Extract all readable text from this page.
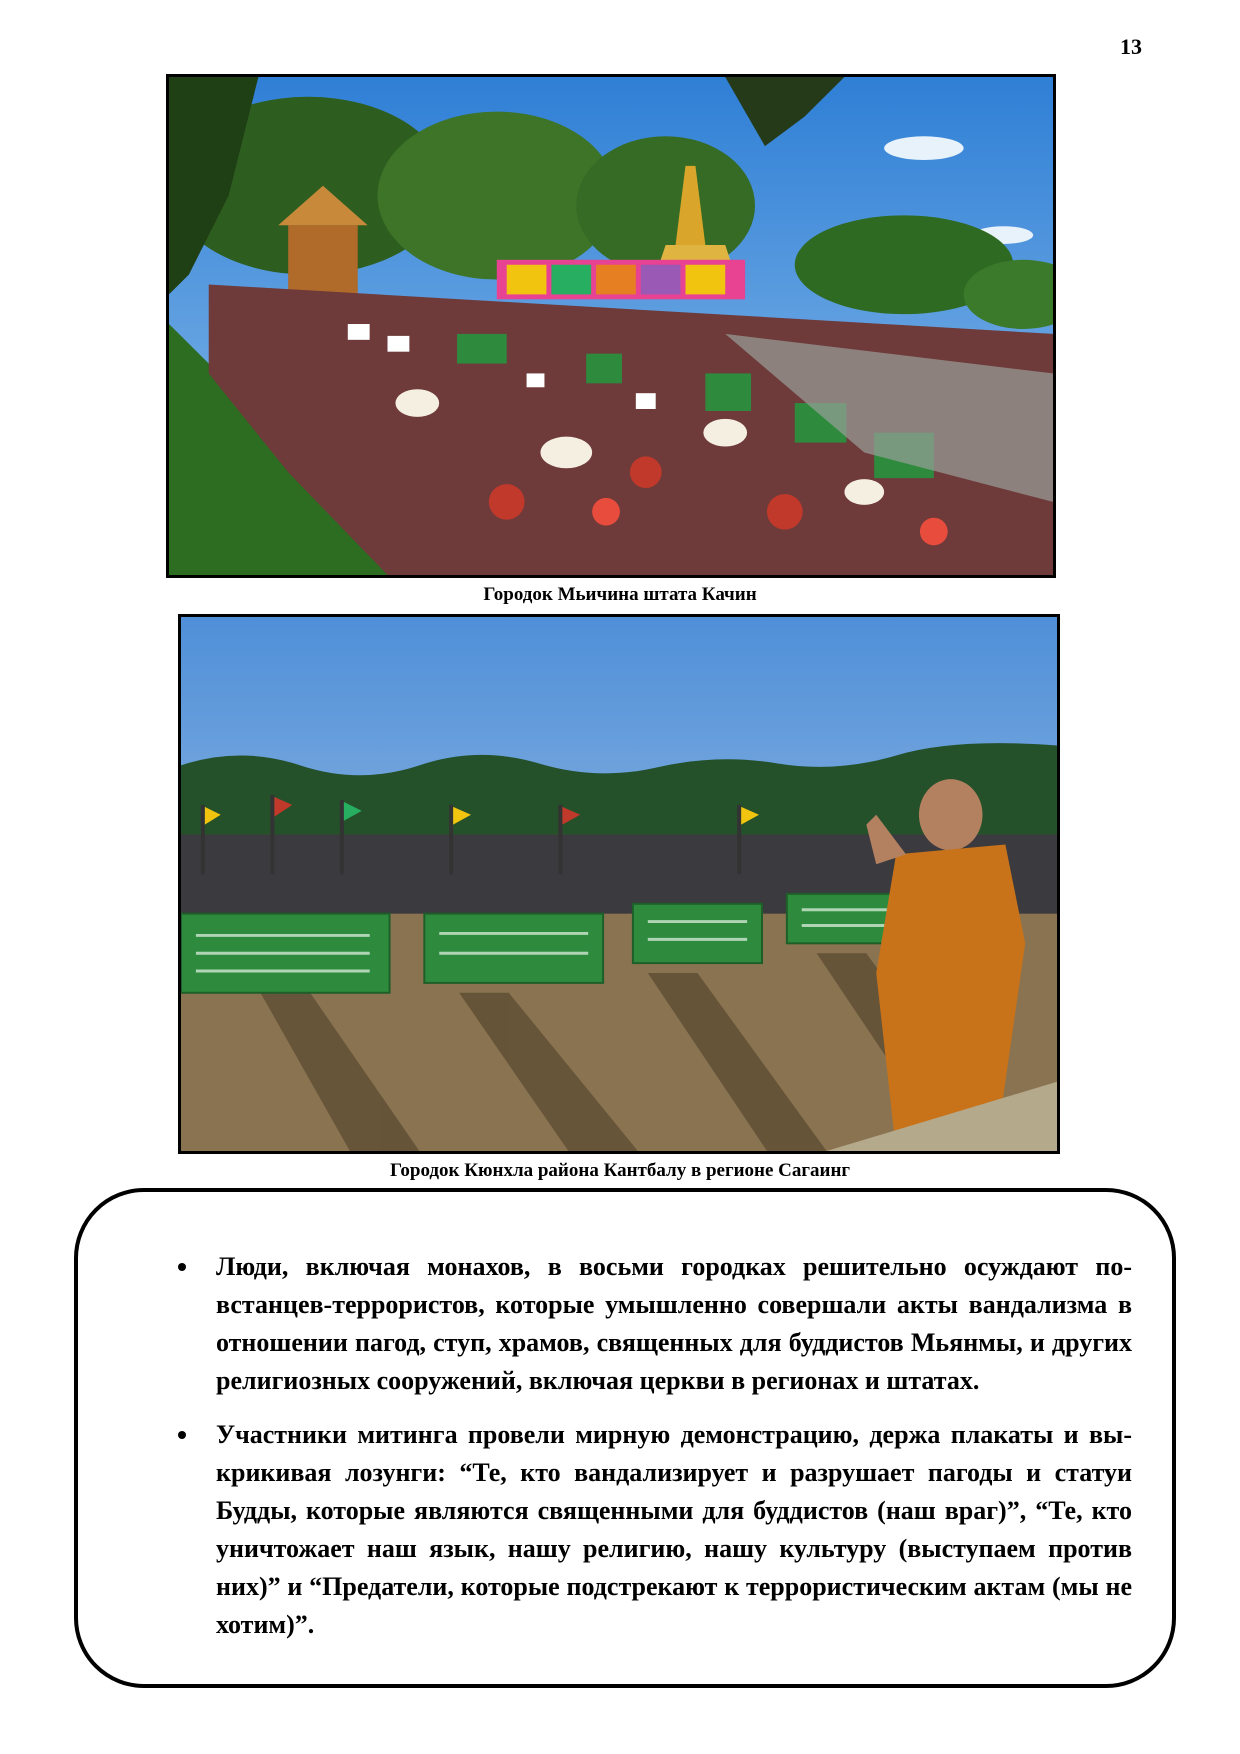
13
Городок Мьичина штата Качин
Городок Кюнхла района Кантбалу в регионе Сагаинг
Люди, включая монахов, в восьми городках решительно осуждают повстанцев-террористов, которые умышленно совершали акты вандализма в отношении пагод, ступ, храмов, священных для буддистов Мьянмы, и других религиозных сооружений, включая церкви в регионах и штатах.
Участники митинга провели мирную демонстрацию, держа плакаты и выкрикивая лозунги: “Те, кто вандализирует и разрушает пагоды и статуи Будды, которые являются священными для буддистов (наш враг)”, “Те, кто уничтожает наш язык, нашу религию, нашу культуру (выступаем против них)” и “Предатели, которые подстрекают к террористическим актам (мы не хотим)”.
